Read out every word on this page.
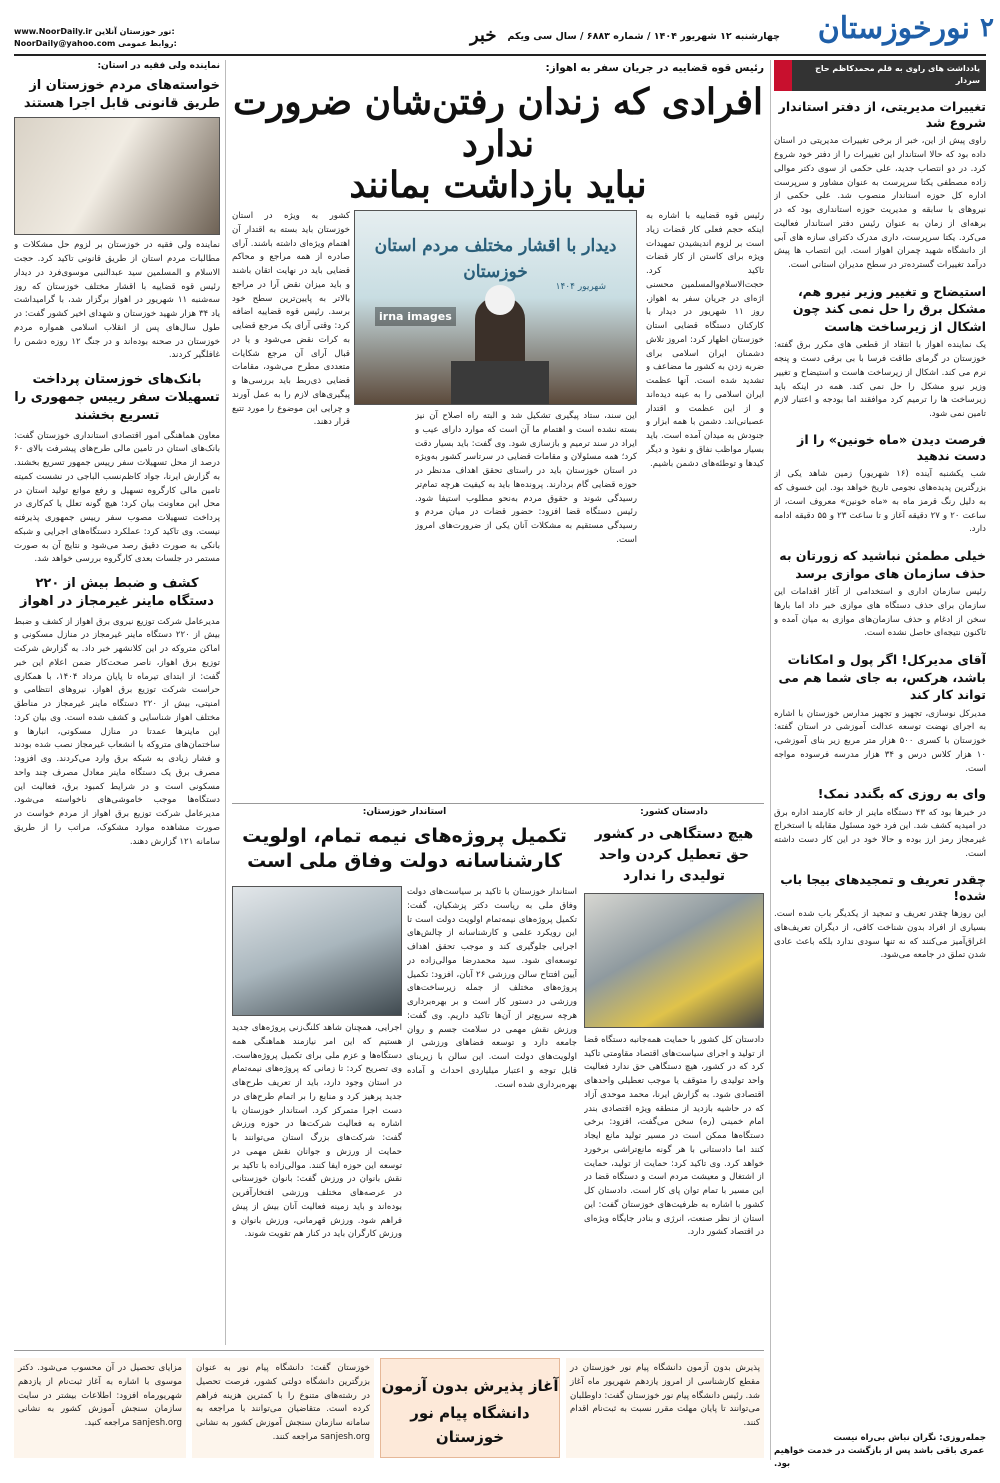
۲
نورخوزستان
چهارشنبه ۱۲ شهریور ۱۴۰۴ / شماره ۶۸۸۳ / سال سی ویکم
خبر
www.NoorDaily.ir نور خوزستان آنلاین:
NoorDaily@yahoo.com روابط عمومی:
یادداشت های راوی به قلم محمدکاظم حاج سردار
تغییرات مدیریتی، از دفتر استاندار شروع شد

راوی پیش از این، خبر از برخی تغییرات مدیریتی در استان داده بود که حالا استاندار این تغییرات را از دفتر خود شروع کرد. در دو انتصاب جدید، علی حکمی از سوی دکتر موالی زاده مصطفی یکتا سرپرست به عنوان مشاور و سرپرست اداره کل حوزه استاندار منصوب شد. علی حکمی از نیروهای با سابقه و مدیریت حوزه استانداری بود که در برهه‌ای از زمان به عنوان رئیس دفتر استاندار فعالیت می‌کرد. یکتا سرپرست، داری مدرک دکترای سازه های آبی از دانشگاه شهید چمران اهواز است. این انتصاب ها پیش درآمد تغییرات گسترده‌تر در سطح مدیران استانی است.

استیضاح و تغییر وزیر نیرو هم، مشکل برق را حل نمی کند چون اشکال از زیرساخت هاست

یک نماینده اهواز با انتقاد از قطعی های مکرر برق گفته: خوزستان در گرمای طاقت فرسا با بی برقی دست و پنجه نرم می کند. اشکال از زیرساخت هاست و استیضاح و تغییر وزیر نیرو مشکل را حل نمی کند. همه در اینکه باید زیرساخت ها را ترمیم کرد موافقند اما بودجه و اعتبار لازم تامین نمی شود.

فرصت دیدن «ماه خونین» را از دست ندهید

شب یکشنبه آینده (۱۶ شهریور) زمین شاهد یکی از بزرگترین پدیده‌های نجومی تاریخ خواهد بود. این خسوف که به دلیل رنگ قرمز ماه به «ماه خونین» معروف است، از ساعت ۲۰ و ۲۷ دقیقه آغاز و تا ساعت ۲۳ و ۵۵ دقیقه ادامه دارد.

خیلی مطمئن نباشید که زورتان به حذف سازمان های موازی برسد

رئیس سازمان اداری و استخدامی از آغاز اقدامات این سازمان برای حذف دستگاه های موازی خبر داد اما بارها سخن از ادغام و حذف سازمان‌های موازی به میان آمده و تاکنون نتیجه‌ای حاصل نشده است.

آقای مدیرکل! اگر پول و امکانات باشد، هرکس، به جای شما هم می تواند کار کند

مدیرکل نوسازی، تجهیز و تجهیز مدارس خوزستان با اشاره به اجرای نهضت توسعه عدالت آموزشی در استان گفته: خوزستان با کسری ۵۰۰ هزار متر مربع زیر بنای آموزشی، ۱۰ هزار کلاس درس و ۳۴ هزار مدرسه فرسوده مواجه است.

وای به روزی که بگندد نمک!

در خبرها بود که ۴۳ دستگاه ماینر از خانه کارمند اداره برق در امیدیه کشف شد. این فرد خود مسئول مقابله با استخراج غیرمجاز رمز ارز بوده و حالا خود در این کار دست داشته است.

چقدر تعریف و تمجیدهای بیجا باب شده!

این روزها چقدر تعریف و تمجید از یکدیگر باب شده است. بسیاری از افراد بدون شناخت کافی، از دیگران تعریف‌های اغراق‌آمیز می‌کنند که نه تنها سودی ندارد بلکه باعث عادی شدن تملق در جامعه می‌شود.

جمله‌روزی: نگران نباش بی‌راه نیست
عمری باقی باشد پس از بازگشت در خدمت خواهیم بود.
رئیس قوه قضاییه در جریان سفر به اهواز:
افرادی که زندان رفتن‌شان ضرورت ندارد
نباید بازداشت بمانند
دیدار با اقشار مختلف مردم استان خوزستان
شهریور ۱۴۰۴
irna images
رئیس قوه قضاییه با اشاره به اینکه حجم فعلی کار قضات زیاد است بر لزوم اندیشیدن تمهیدات ویژه برای کاستن از کار قضات تاکید کرد. حجت‌الاسلام‌والمسلمین محسنی اژه‌ای در جریان سفر به اهواز، روز ۱۱ شهریور در دیدار با کارکنان دستگاه قضایی استان خوزستان اظهار کرد: امروز تلاش دشمنان ایران اسلامی برای ضربه زدن به کشور ما مضاعف و تشدید شده است. آنها عظمت ایران اسلامی را به عینه دیده‌اند و از این عظمت و اقتدار عصبانی‌اند. دشمن با همه ابزار و جنودش به میدان آمده است. باید بسیار مواظب نفاق و نفوذ و دیگر کیدها و توطئه‌های دشمن باشیم.
این سند، ستاد پیگیری تشکیل شد و البته راه اصلاح آن نیز بسته نشده است و اهتمام ما آن است که موارد دارای عیب و ایراد در سند ترمیم و بازسازی شود. وی گفت: باید بسیار دقت کرد؛ همه مسئولان و مقامات قضایی در سرتاسر کشور به‌ویژه در استان خوزستان باید در راستای تحقق اهداف مدنظر در حوزه قضایی گام بردارند. پرونده‌ها باید به کیفیت هرچه تمام‌تر رسیدگی شوند و حقوق مردم به‌نحو مطلوب استیفا شود. رئیس دستگاه قضا افزود: حضور قضات در میان مردم و رسیدگی مستقیم به مشکلات آنان یکی از ضرورت‌های امروز است.
کشور به ویژه در استان خوزستان باید بسته به اقتدار آن اهتمام ویژه‌ای داشته باشند. آرای صادره از همه مراجع و محاکم قضایی باید در نهایت اتقان باشند و باید میزان نقض آرا در مراجع بالاتر به پایین‌ترین سطح خود برسد. رئیس قوه قضاییه اضافه کرد: وقتی آرای یک مرجع قضایی به کرات نقض می‌شود و یا در قبال آرای آن مرجع شکایات متعددی مطرح می‌شود، مقامات قضایی ذی‌ربط باید بررسی‌ها و پیگیری‌های لازم را به عمل آورند و چرایی این موضوع را مورد تتبع قرار دهند.
نماینده ولی فقیه در استان:
خواسته‌های مردم خوزستان از طریق قانونی قابل اجرا هستند

نماینده ولی فقیه در خوزستان بر لزوم حل مشکلات و مطالبات مردم استان از طریق قانونی تاکید کرد. حجت الاسلام و المسلمین سید عبدالنبی موسوی‌فرد در دیدار رئیس قوه قضاییه با اقشار مختلف خوزستان که روز سه‌شنبه ۱۱ شهریور در اهواز برگزار شد، با گرامیداشت یاد ۳۴ هزار شهید خوزستان و شهدای اخیر کشور گفت: در طول سال‌های پس از انقلاب اسلامی همواره مردم خوزستان در صحنه بوده‌اند و در جنگ ۱۲ روزه دشمن را غافلگیر کردند.

بانک‌های خوزستان پرداخت تسهیلات سفر رییس جمهوری را تسریع بخشند

معاون هماهنگی امور اقتصادی استانداری خوزستان گفت: بانک‌های استان در تامین مالی طرح‌های پیشرفت بالای ۶۰ درصد از محل تسهیلات سفر رییس جمهور تسریع بخشند. به گزارش ایرنا، جواد کاظم‌نسب الباجی در نشست کمیته تامین مالی کارگروه تسهیل و رفع موانع تولید استان در محل این معاونت بیان کرد: هیچ گونه تعلل یا کم‌کاری در پرداخت تسهیلات مصوب سفر رییس جمهوری پذیرفته نیست. وی تاکید کرد: عملکرد دستگاه‌های اجرایی و شبکه بانکی به صورت دقیق رصد می‌شود و نتایج آن به صورت مستمر در جلسات بعدی کارگروه بررسی خواهد شد.

کشف و ضبط بیش از ۲۲۰ دستگاه ماینر غیرمجاز در اهواز

مدیرعامل شرکت توزیع نیروی برق اهواز از کشف و ضبط بیش از ۲۲۰ دستگاه ماینر غیرمجاز در منازل مسکونی و اماکن متروکه در این کلانشهر خبر داد. به گزارش شرکت توزیع برق اهواز، ناصر صحت‌کار ضمن اعلام این خبر گفت: از ابتدای تیرماه تا پایان مرداد ۱۴۰۴، با همکاری حراست شرکت توزیع برق اهواز، نیروهای انتظامی و امنیتی، بیش از ۲۲۰ دستگاه ماینر غیرمجاز در مناطق مختلف اهواز شناسایی و کشف شده است. وی بیان کرد: این ماینرها عمدتا در منازل مسکونی، انبارها و ساختمان‌های متروکه با انشعاب غیرمجاز نصب شده بودند و فشار زیادی به شبکه برق وارد می‌کردند. وی افزود: مصرف برق یک دستگاه ماینر معادل مصرف چند واحد مسکونی است و در شرایط کمبود برق، فعالیت این دستگاه‌ها موجب خاموشی‌های ناخواسته می‌شود. مدیرعامل شرکت توزیع برق اهواز از مردم خواست در صورت مشاهده موارد مشکوک، مراتب را از طریق سامانه ۱۲۱ گزارش دهند.

استاندار خوزستان:
تکمیل پروژه‌های نیمه تمام، اولویت
کارشناسانه دولت وفاق ملی است
استاندار خوزستان با تاکید بر سیاست‌های دولت وفاق ملی به ریاست دکتر پزشکیان، گفت: تکمیل پروژه‌های نیمه‌تمام اولویت دولت است تا این رویکرد علمی و کارشناسانه از چالش‌های اجرایی جلوگیری کند و موجب تحقق اهداف توسعه‌ای شود. سید محمدرضا موالی‌زاده در آیین افتتاح سالن ورزشی ۲۶ آبان، افزود: تکمیل پروژه‌های مختلف از جمله زیرساخت‌های ورزشی در دستور کار است و بر بهره‌برداری هرچه سریع‌تر از آن‌ها تاکید داریم. وی گفت: ورزش نقش مهمی در سلامت جسم و روان جامعه دارد و توسعه فضاهای ورزشی از اولویت‌های دولت است. این سالن با زیربنای قابل توجه و اعتبار میلیاردی احداث و آماده بهره‌برداری شده است.
اجرایی، همچنان شاهد کلنگ‌زنی پروژه‌های جدید هستیم که این امر نیازمند هماهنگی همه دستگاه‌ها و عزم ملی برای تکمیل پروژه‌هاست. وی تصریح کرد: تا زمانی که پروژه‌های نیمه‌تمام در استان وجود دارد، باید از تعریف طرح‌های جدید پرهیز کرد و منابع را بر اتمام طرح‌های در دست اجرا متمرکز کرد. استاندار خوزستان با اشاره به فعالیت شرکت‌ها در حوزه ورزش گفت: شرکت‌های بزرگ استان می‌توانند با حمایت از ورزش و جوانان نقش مهمی در توسعه این حوزه ایفا کنند. موالی‌زاده با تاکید بر نقش بانوان در ورزش گفت: بانوان خوزستانی در عرصه‌های مختلف ورزشی افتخارآفرین بوده‌اند و باید زمینه فعالیت آنان بیش از پیش فراهم شود. ورزش قهرمانی، ورزش بانوان و ورزش کارگران باید در کنار هم تقویت شوند.
دادستان کشور:
هیچ دستگاهی در کشور حق تعطیل کردن واحد تولیدی را ندارد

دادستان کل کشور با حمایت همه‌جانبه دستگاه قضا از تولید و اجرای سیاست‌های اقتصاد مقاومتی تاکید کرد که در کشور، هیچ دستگاهی حق ندارد فعالیت واحد تولیدی را متوقف یا موجب تعطیلی واحدهای اقتصادی شود. به گزارش ایرنا، محمد موحدی آزاد که در حاشیه بازدید از منطقه ویژه اقتصادی بندر امام خمینی (ره) سخن می‌گفت، افزود: برخی دستگاه‌ها ممکن است در مسیر تولید مانع ایجاد کنند اما دادستانی با هر گونه مانع‌تراشی برخورد خواهد کرد. وی تاکید کرد: حمایت از تولید، حمایت از اشتغال و معیشت مردم است و دستگاه قضا در این مسیر با تمام توان پای کار است. دادستان کل کشور با اشاره به ظرفیت‌های خوزستان گفت: این استان از نظر صنعت، انرژی و بنادر جایگاه ویژه‌ای در اقتصاد کشور دارد.

آغاز پذیرش بدون آزمون
دانشگاه پیام نور خوزستان
پذیرش بدون آزمون دانشگاه پیام نور خوزستان در مقطع کارشناسی از امروز یازدهم شهریور ماه آغاز شد. رئیس دانشگاه پیام نور خوزستان گفت: داوطلبان می‌توانند تا پایان مهلت مقرر نسبت به ثبت‌نام اقدام کنند.
خوزستان گفت: دانشگاه پیام نور به عنوان بزرگترین دانشگاه دولتی کشور، فرصت تحصیل در رشته‌های متنوع را با کمترین هزینه فراهم کرده است. متقاضیان می‌توانند با مراجعه به سامانه سازمان سنجش آموزش کشور به نشانی sanjesh.org مراجعه کنند.
مزایای تحصیل در آن محسوب می‌شود. دکتر موسوی با اشاره به آغاز ثبت‌نام از یازدهم شهریورماه افزود: اطلاعات بیشتر در سایت سازمان سنجش آموزش کشور به نشانی sanjesh.org مراجعه کنید.
